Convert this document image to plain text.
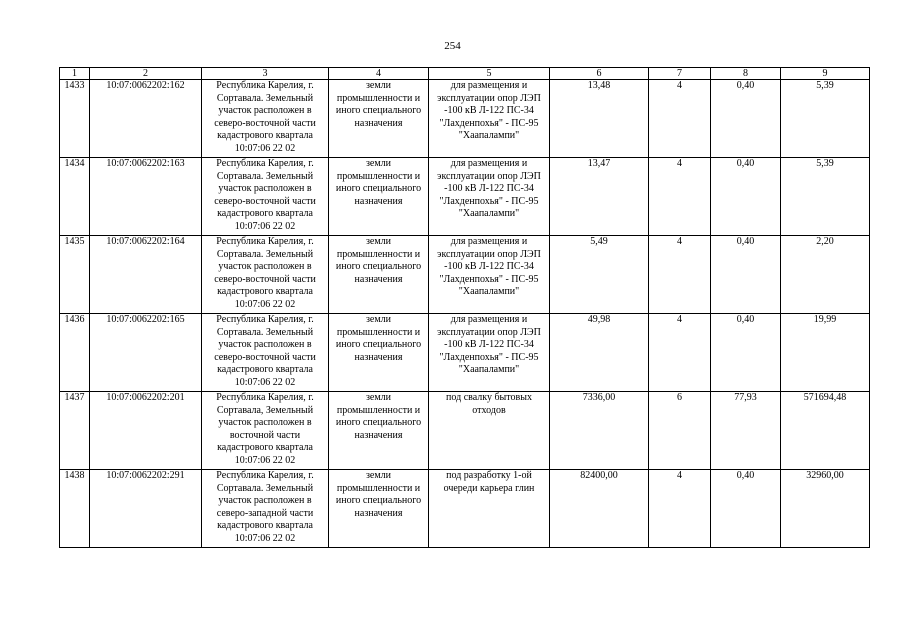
254
1	2	3	4	5	6	7	8	9
1433	10:07:0062202:162	Республика Карелия, г. Сортавала. Земельный участок расположен в северо-восточной части кадастрового квартала 10:07:06 22 02	земли промышленности и иного специального назначения	для размещения и эксплуатации опор ЛЭП -100 кВ Л-122 ПС-34 "Лахденпохья" - ПС-95 "Хаапалампи"	13,48	4	0,40	5,39
1434	10:07:0062202:163	Республика Карелия, г. Сортавала. Земельный участок расположен в северо-восточной части кадастрового квартала 10:07:06 22 02	земли промышленности и иного специального назначения	для размещения и эксплуатации опор ЛЭП -100 кВ Л-122 ПС-34 "Лахденпохья" - ПС-95 "Хаапалампи"	13,47	4	0,40	5,39
1435	10:07:0062202:164	Республика Карелия, г. Сортавала. Земельный участок расположен в северо-восточной части кадастрового квартала 10:07:06 22 02	земли промышленности и иного специального назначения	для размещения и эксплуатации опор ЛЭП -100 кВ Л-122 ПС-34 "Лахденпохья" - ПС-95 "Хаапалампи"	5,49	4	0,40	2,20
1436	10:07:0062202:165	Республика Карелия, г. Сортавала. Земельный участок расположен в северо-восточной части кадастрового квартала 10:07:06 22 02	земли промышленности и иного специального назначения	для размещения и эксплуатации опор ЛЭП -100 кВ Л-122 ПС-34 "Лахденпохья" - ПС-95 "Хаапалампи"	49,98	4	0,40	19,99
1437	10:07:0062202:201	Республика Карелия, г. Сортавала, Земельный участок расположен в восточной части кадастрового квартала 10:07:06 22 02	земли промышленности и иного специального назначения	под свалку бытовых отходов	7336,00	6	77,93	571694,48
1438	10:07:0062202:291	Республика Карелия, г. Сортавала. Земельный участок расположен в северо-западной части кадастрового квартала 10:07:06 22 02	земли промышленности и иного специального назначения	под разработку 1-ой очереди карьера глин	82400,00	4	0,40	32960,00
